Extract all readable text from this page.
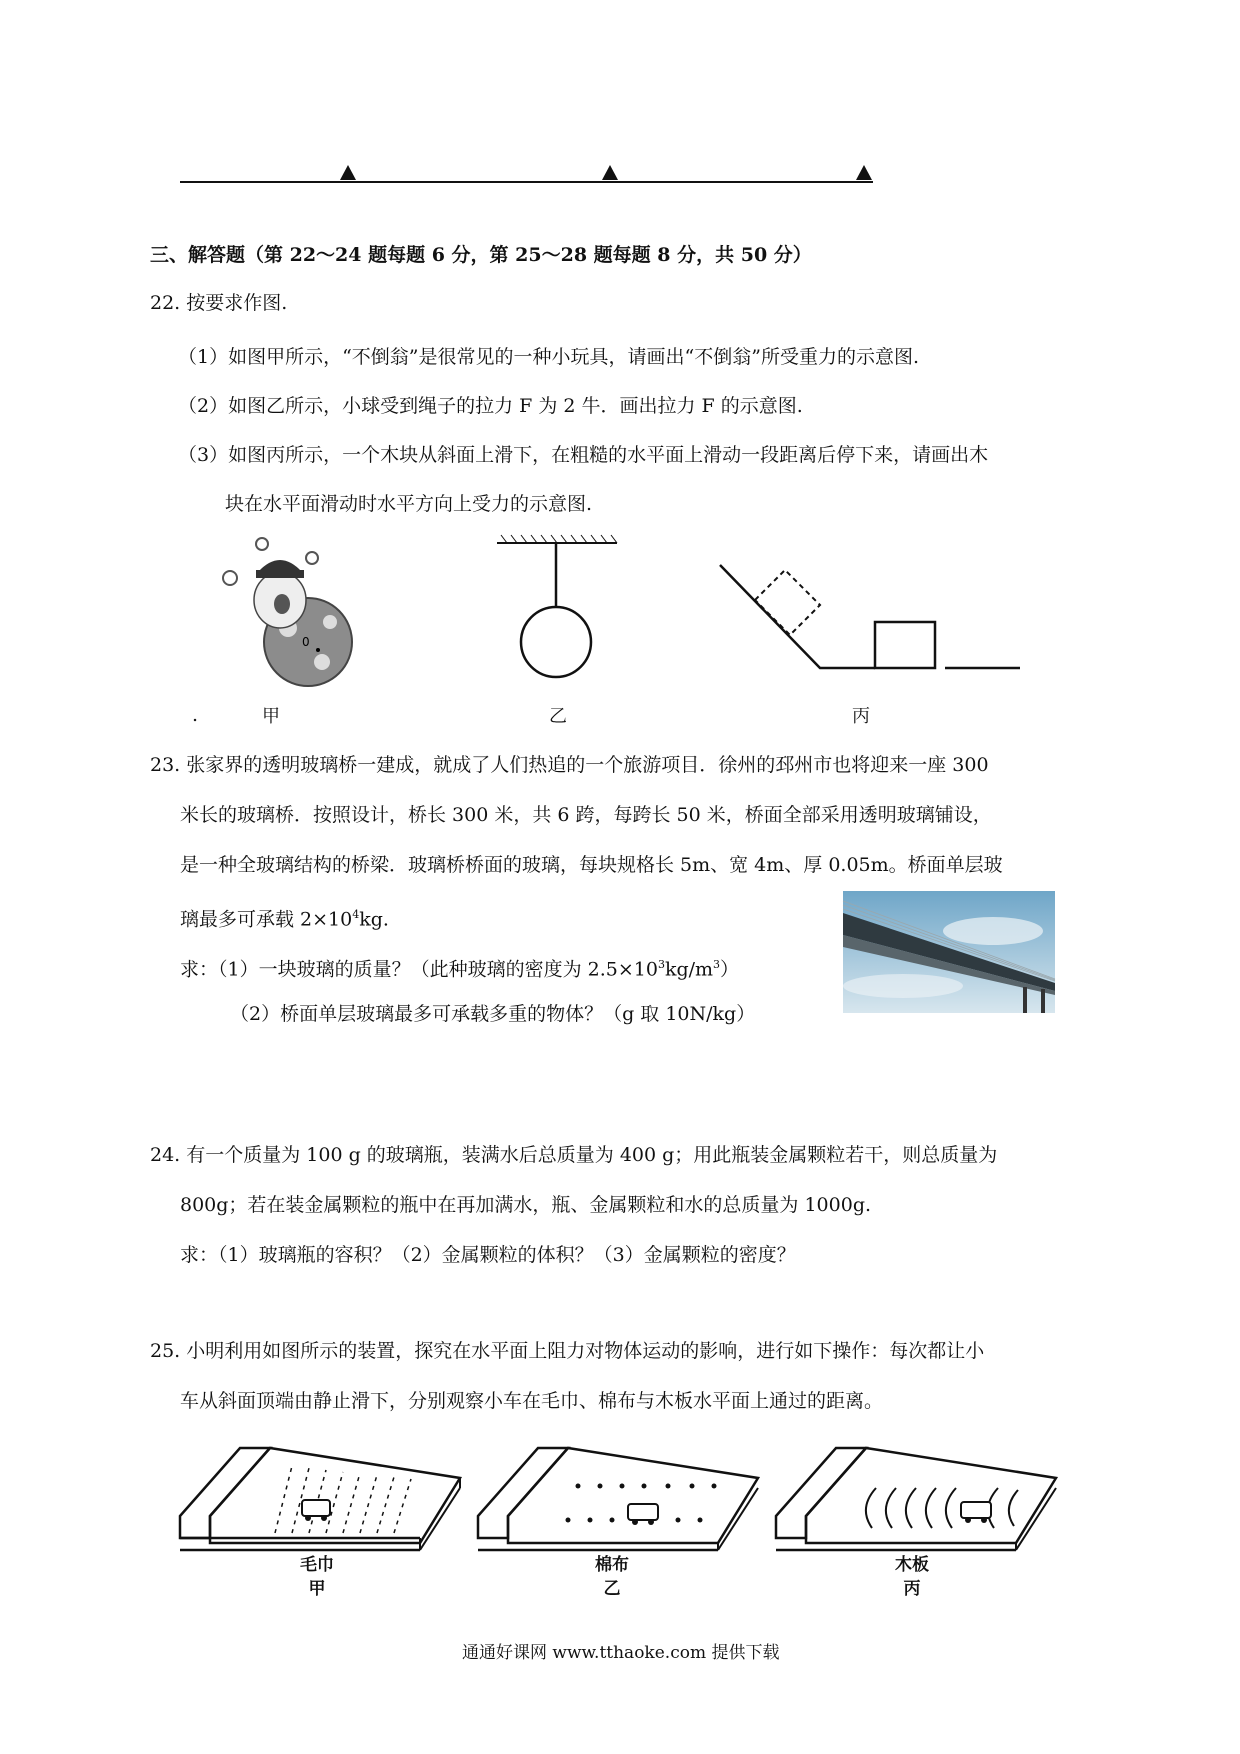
三、解答题（第 22～24 题每题 6 分，第 25～28 题每题 8 分，共 50 分）
22. 按要求作图.
（1）如图甲所示，“不倒翁”是很常见的一种小玩具，请画出“不倒翁”所受重力的示意图.
（2）如图乙所示，小球受到绳子的拉力 F 为 2 牛．画出拉力 F 的示意图.
（3）如图丙所示，一个木块从斜面上滑下，在粗糙的水平面上滑动一段距离后停下来，请画出木
块在水平面滑动时水平方向上受力的示意图.
0
.	甲	乙	丙
23. 张家界的透明玻璃桥一建成，就成了人们热追的一个旅游项目．徐州的邳州市也将迎来一座 300
米长的玻璃桥．按照设计，桥长 300 米，共 6 跨，每跨长 50 米，桥面全部采用透明玻璃铺设，
是一种全玻璃结构的桥梁．玻璃桥桥面的玻璃，每块规格长 5m、宽 4m、厚 0.05m。桥面单层玻
璃最多可承载 $2\times 10^4kg$.
求：（1）一块玻璃的质量？（此种玻璃的密度为 $2.5\times 10^3kg/m^3$）
（2）桥面单层玻璃最多可承载多重的物体？（g 取 10N/kg）
24. 有一个质量为 100 g 的玻璃瓶，装满水后总质量为 400 g；用此瓶装金属颗粒若干，则总质量为
800g；若在装金属颗粒的瓶中在再加满水，瓶、金属颗粒和水的总质量为 1000g.
求：（1）玻璃瓶的容积？（2）金属颗粒的体积？（3）金属颗粒的密度？
25. 小明利用如图所示的装置，探究在水平面上阻力对物体运动的影响，进行如下操作：每次都让小
车从斜面顶端由静止滑下，分别观察小车在毛巾、棉布与木板水平面上通过的距离。
毛巾
甲
棉布
乙
木板
丙
通通好课网 www.tthaoke.com 提供下载
